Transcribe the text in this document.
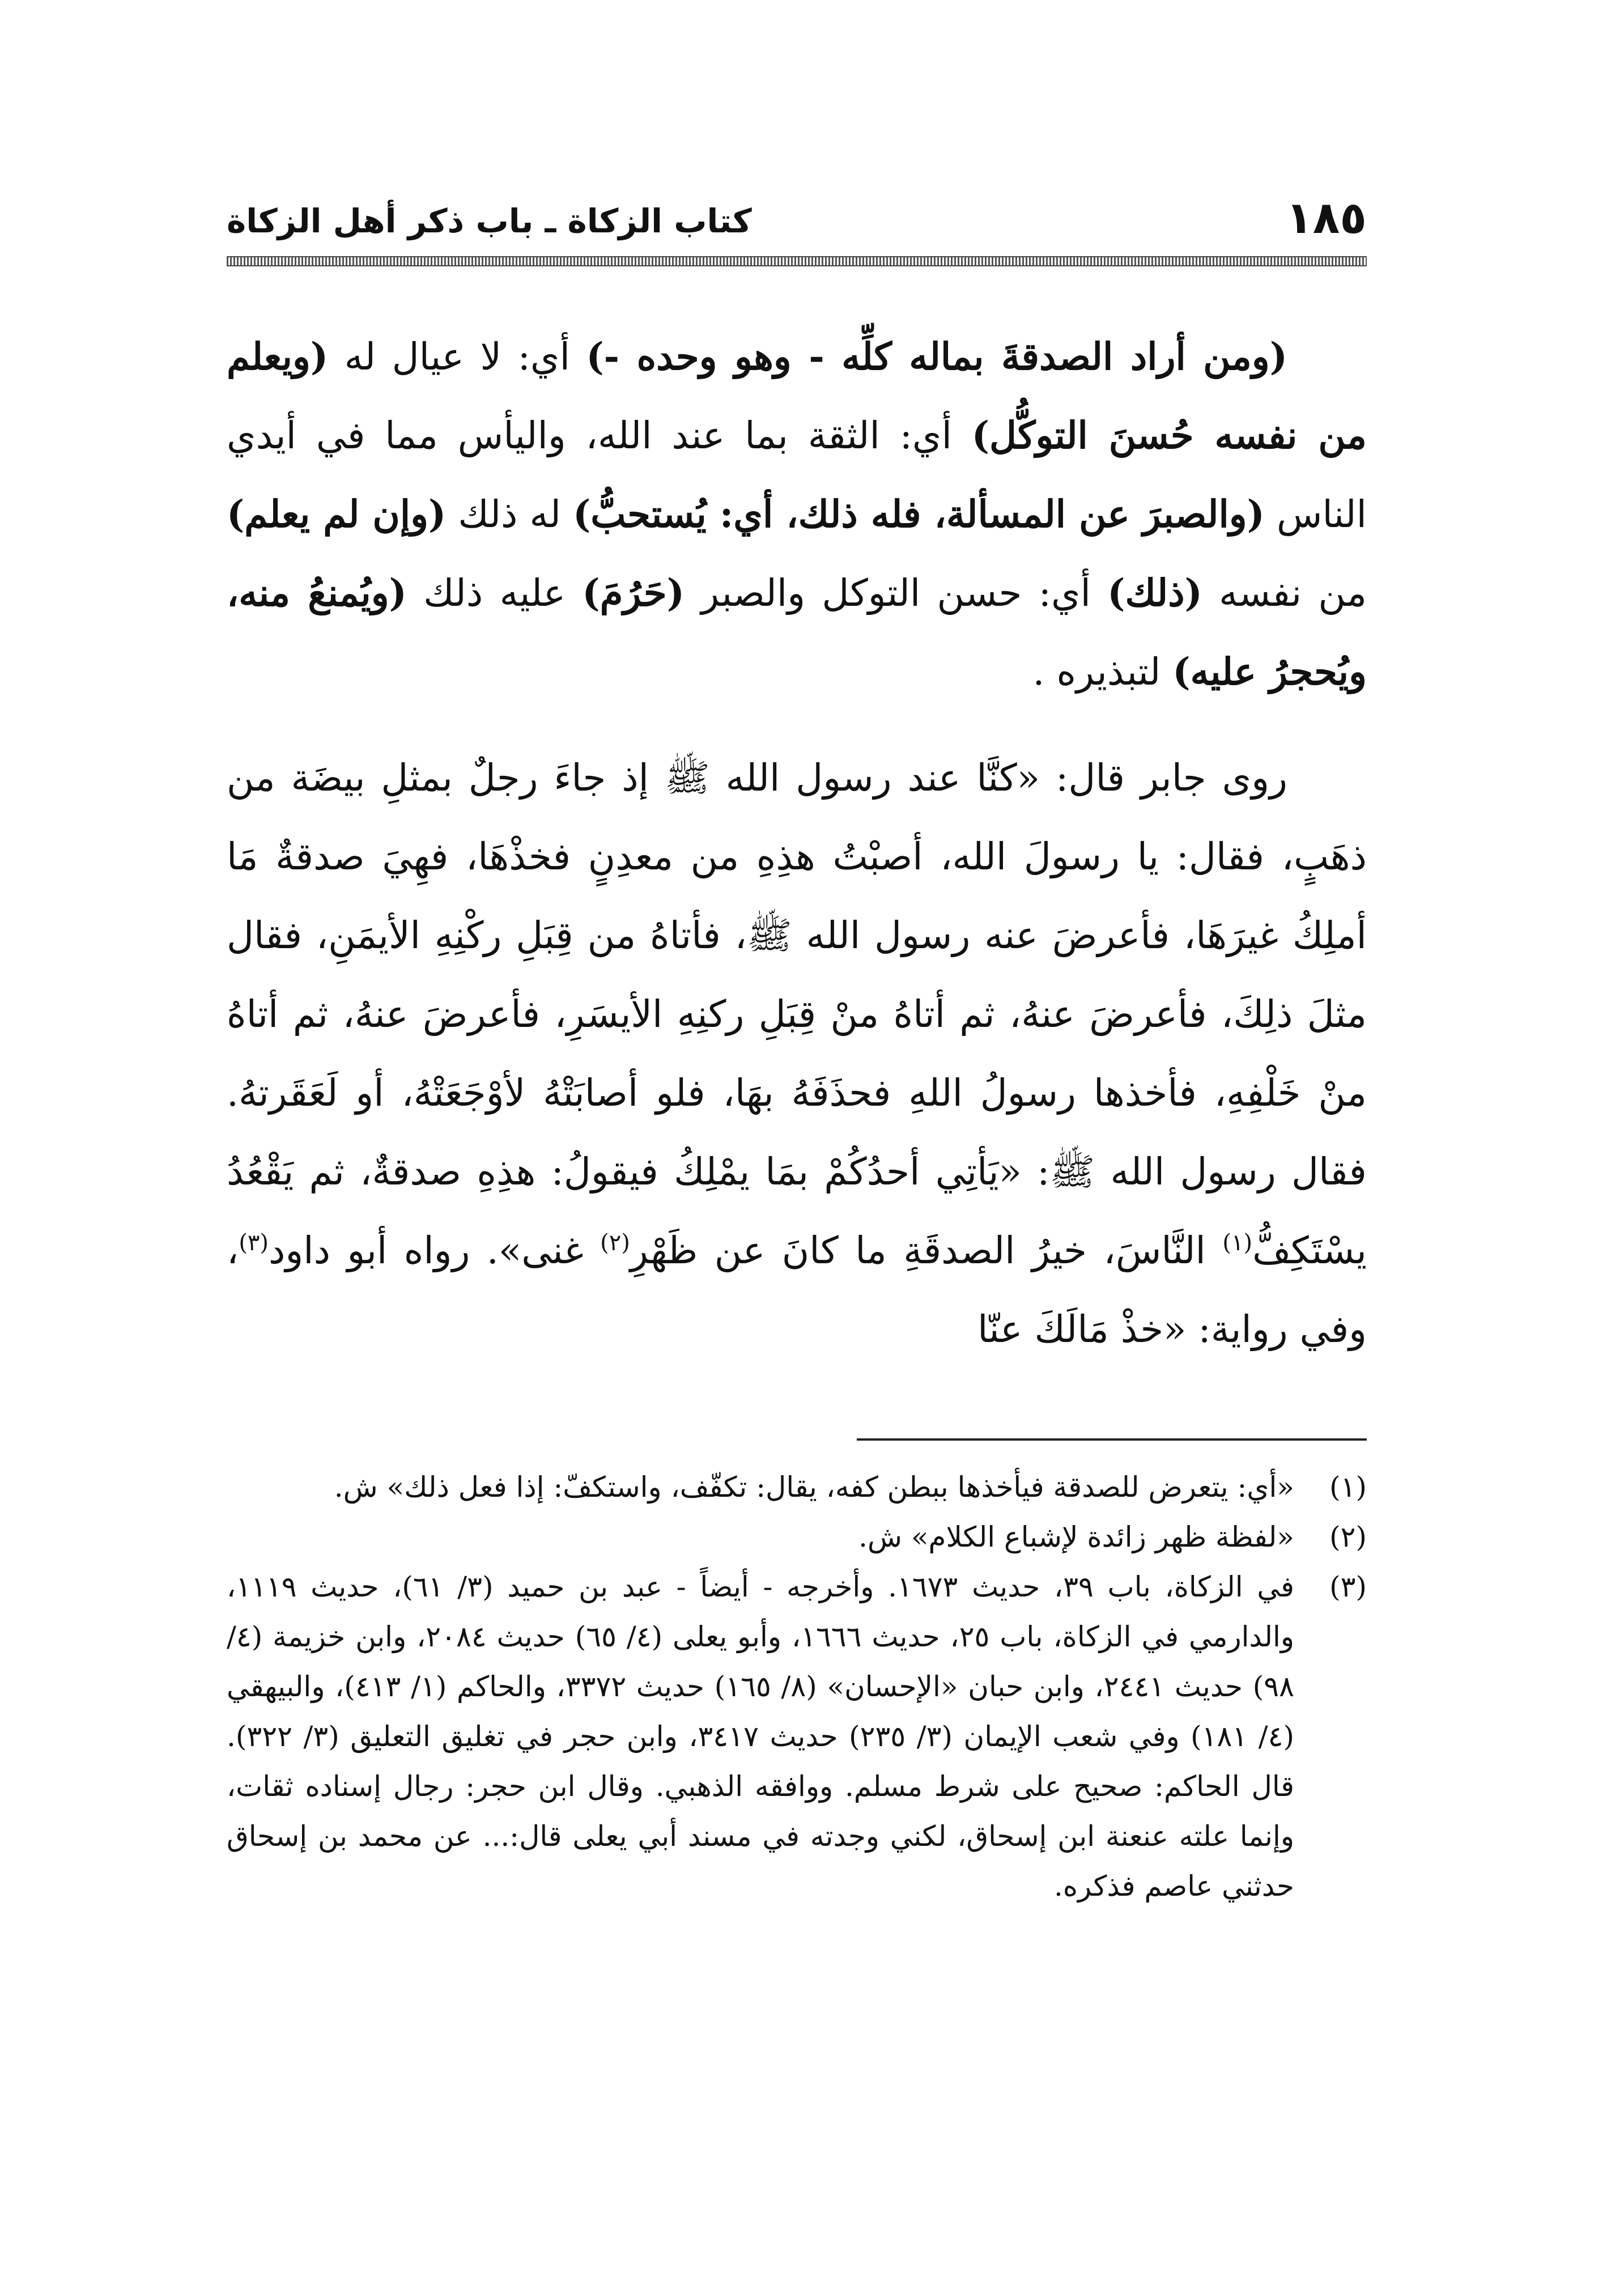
١٨٥
كتاب الزكاة ـ باب ذكر أهل الزكاة

(ومن أراد الصدقةَ بماله كلِّه - وهو وحده -) أي: لا عيال له (ويعلم من نفسه حُسنَ التوكُّل) أي: الثقة بما عند الله، واليأس مما في أيدي الناس (والصبرَ عن المسألة، فله ذلك، أي: يُستحبُّ) له ذلك (وإن لم يعلم) من نفسه (ذلك) أي: حسن التوكل والصبر (حَرُمَ) عليه ذلك (ويُمنعُ منه، ويُحجرُ عليه) لتبذيره .

روى جابر قال: «كنَّا عند رسول الله ﷺ إذ جاءَ رجلٌ بمثلِ بيضَة من ذهَبٍ، فقال: يا رسولَ الله، أصبْتُ هذِهِ من معدِنٍ فخذْهَا، فهِيَ صدقةٌ مَا أملِكُ غيرَهَا، فأعرضَ عنه رسول الله ﷺ، فأتاهُ من قِبَلِ ركْنِهِ الأيمَنِ، فقال مثلَ ذلِكَ، فأعرضَ عنهُ، ثم أتاهُ منْ قِبَلِ ركنِهِ الأيسَرِ، فأعرضَ عنهُ، ثم أتاهُ منْ خَلْفِهِ، فأخذها رسولُ اللهِ فحذَفَهُ بهَا، فلو أصابَتْهُ لأوْجَعَتْهُ، أو لَعَقَرتهُ. فقال رسول الله ﷺ: «يَأتِي أحدُكُمْ بمَا يمْلِكُ فيقولُ: هذِهِ صدقةٌ، ثم يَقْعُدُ يسْتَكِفُّ$^{(١)}$ النَّاسَ، خيرُ الصدقَةِ ما كانَ عن ظَهْرِ$^{(٢)}$ غنى». رواه أبو داود$^{(٣)}$، وفي رواية: «خذْ مَالَكَ عنّا

(١)
«أي: يتعرض للصدقة فيأخذها ببطن كفه، يقال: تكفّف، واستكفّ: إذا فعل ذلك» ش.

(٢)
«لفظة ظهر زائدة لإشباع الكلام» ش.

(٣)
في الزكاة، باب ٣٩، حديث ١٦٧٣. وأخرجه - أيضاً - عبد بن حميد (٣/ ٦١)، حديث ١١١٩، والدارمي في الزكاة، باب ٢٥، حديث ١٦٦٦، وأبو يعلى (٤/ ٦٥) حديث ٢٠٨٤، وابن خزيمة (٤/ ٩٨) حديث ٢٤٤١، وابن حبان «الإحسان» (٨/ ١٦٥) حديث ٣٣٧٢، والحاكم (١/ ٤١٣)، والبيهقي (٤/ ١٨١) وفي شعب الإيمان (٣/ ٢٣٥) حديث ٣٤١٧، وابن حجر في تغليق التعليق (٣/ ٣٢٢). قال الحاكم: صحيح على شرط مسلم. ووافقه الذهبي. وقال ابن حجر: رجال إسناده ثقات، وإنما علته عنعنة ابن إسحاق، لكني وجدته في مسند أبي يعلى قال:... عن محمد بن إسحاق حدثني عاصم فذكره.
